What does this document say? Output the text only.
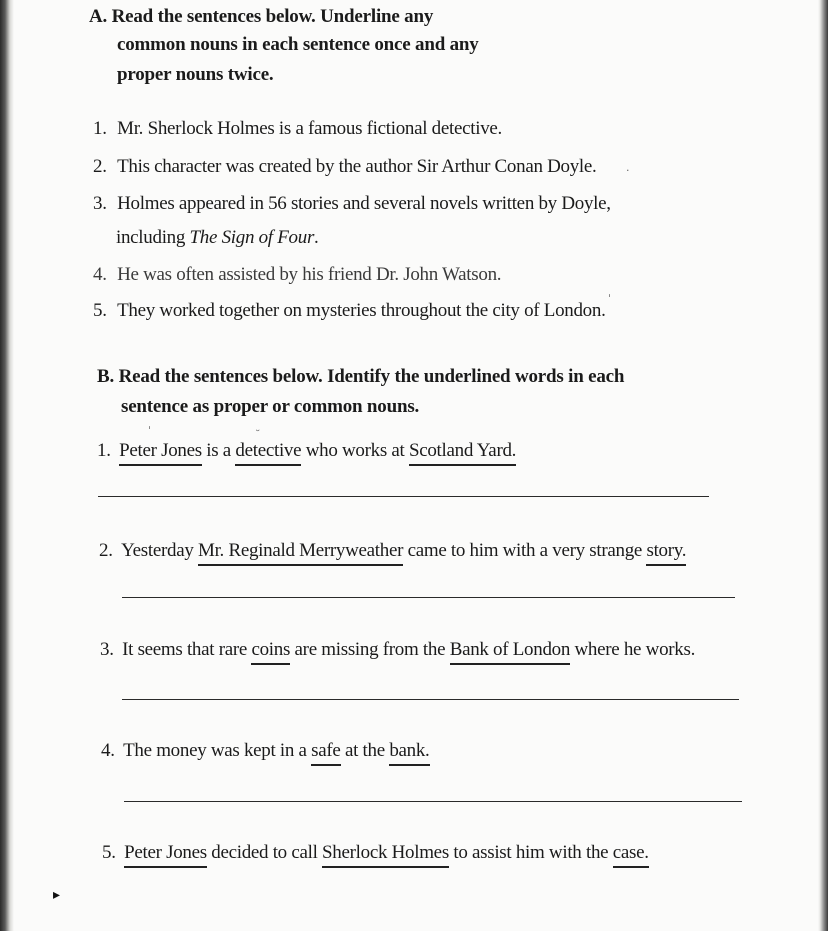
A. Read the sentences below. Underline any
common nouns in each sentence once and any
proper nouns twice.
1. Mr. Sherlock Holmes is a famous fictional detective.
2. This character was created by the author Sir Arthur Conan Doyle.
3. Holmes appeared in 56 stories and several novels written by Doyle,
including The Sign of Four.
4. He was often assisted by his friend Dr. John Watson.
5. They worked together on mysteries throughout the city of London.
B. Read the sentences below. Identify the underlined words in each
sentence as proper or common nouns.
1. Peter Jones is a detective who works at Scotland Yard.
2. Yesterday Mr. Reginald Merryweather came to him with a very strange story.
3. It seems that rare coins are missing from the Bank of London where he works.
4. The money was kept in a safe at the bank.
5. Peter Jones decided to call Sherlock Holmes to assist him with the case.
ˈ	˘
·
ˈ
▸
